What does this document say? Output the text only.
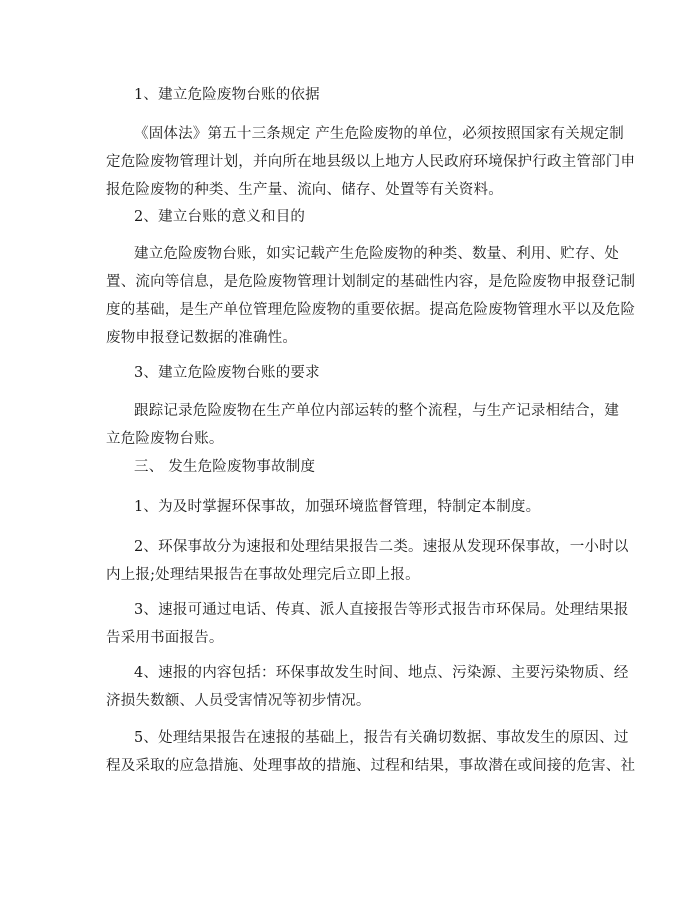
1、建立危险废物台账的依据
《固体法》第五十三条规定 产生危险废物的单位，必须按照国家有关规定制
定危险废物管理计划，并向所在地县级以上地方人民政府环境保护行政主管部门申
报危险废物的种类、生产量、流向、储存、处置等有关资料。
2、建立台账的意义和目的
建立危险废物台账，如实记载产生危险废物的种类、数量、利用、贮存、处
置、流向等信息，是危险废物管理计划制定的基础性内容，是危险废物申报登记制
度的基础，是生产单位管理危险废物的重要依据。提高危险废物管理水平以及危险
废物申报登记数据的准确性。
3、建立危险废物台账的要求
跟踪记录危险废物在生产单位内部运转的整个流程，与生产记录相结合，建
立危险废物台账。
三、 发生危险废物事故制度
1、为及时掌握环保事故，加强环境监督管理，特制定本制度。
2、环保事故分为速报和处理结果报告二类。速报从发现环保事故，一小时以
内上报;处理结果报告在事故处理完后立即上报。
3、速报可通过电话、传真、派人直接报告等形式报告市环保局。处理结果报
告采用书面报告。
4、速报的内容包括：环保事故发生时间、地点、污染源、主要污染物质、经
济损失数额、人员受害情况等初步情况。
5、处理结果报告在速报的基础上，报告有关确切数据、事故发生的原因、过
程及采取的应急措施、处理事故的措施、过程和结果，事故潜在或间接的危害、社
